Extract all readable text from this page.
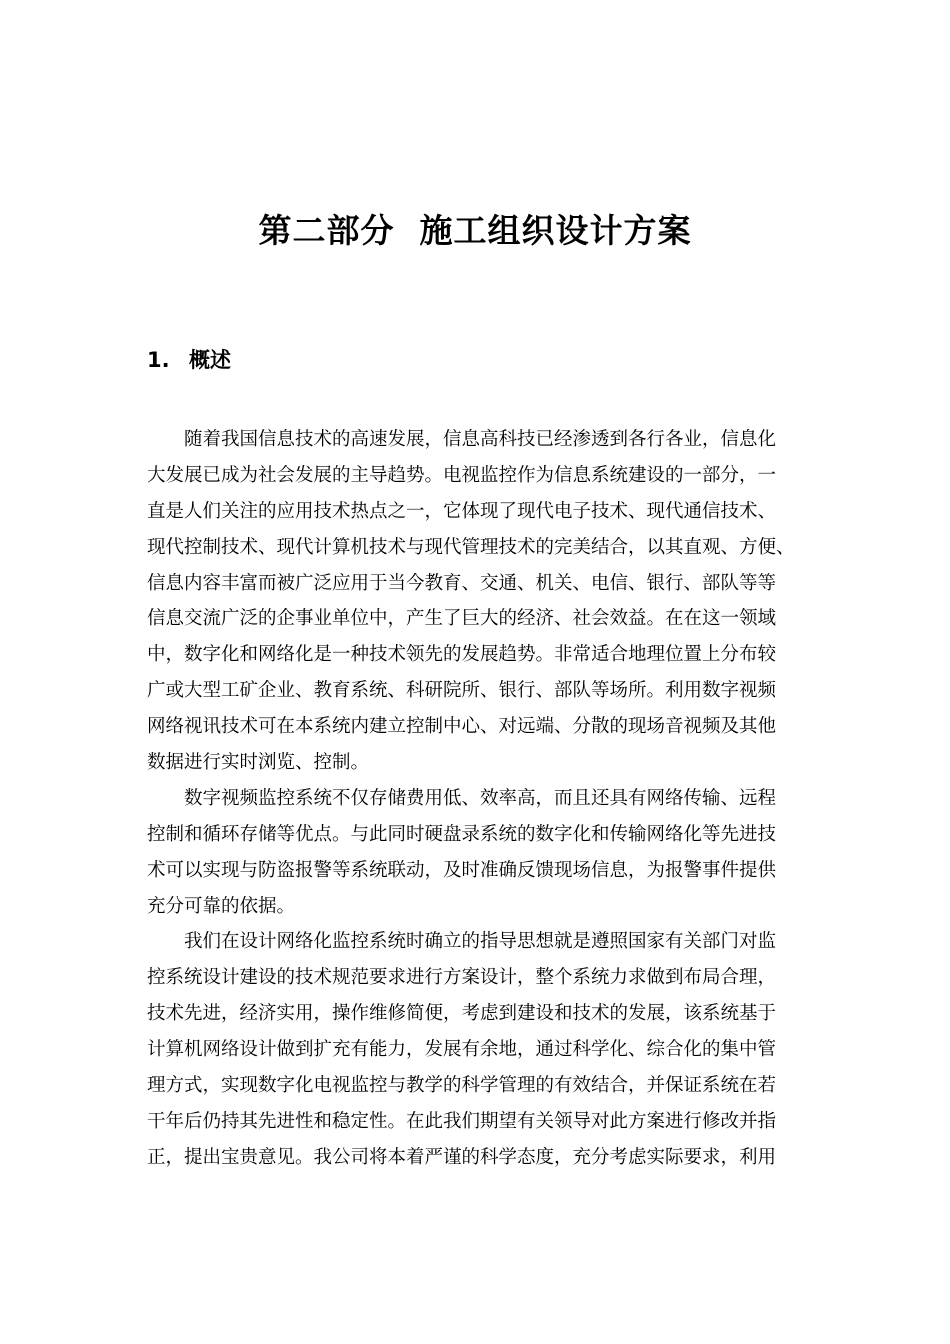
第二部分  施工组织设计方案
1. 概述
随着我国信息技术的高速发展，信息高科技已经渗透到各行各业，信息化
大发展已成为社会发展的主导趋势。电视监控作为信息系统建设的一部分，一
直是人们关注的应用技术热点之一，它体现了现代电子技术、现代通信技术、
现代控制技术、现代计算机技术与现代管理技术的完美结合，以其直观、方便、
信息内容丰富而被广泛应用于当今教育、交通、机关、电信、银行、部队等等
信息交流广泛的企事业单位中，产生了巨大的经济、社会效益。在在这一领域
中，数字化和网络化是一种技术领先的发展趋势。非常适合地理位置上分布较
广或大型工矿企业、教育系统、科研院所、银行、部队等场所。利用数字视频
网络视讯技术可在本系统内建立控制中心、对远端、分散的现场音视频及其他
数据进行实时浏览、控制。
数字视频监控系统不仅存储费用低、效率高，而且还具有网络传输、远程
控制和循环存储等优点。与此同时硬盘录系统的数字化和传输网络化等先进技
术可以实现与防盗报警等系统联动，及时准确反馈现场信息，为报警事件提供
充分可靠的依据。
我们在设计网络化监控系统时确立的指导思想就是遵照国家有关部门对监
控系统设计建设的技术规范要求进行方案设计，整个系统力求做到布局合理，
技术先进，经济实用，操作维修简便，考虑到建设和技术的发展，该系统基于
计算机网络设计做到扩充有能力，发展有余地，通过科学化、综合化的集中管
理方式，实现数字化电视监控与教学的科学管理的有效结合，并保证系统在若
干年后仍持其先进性和稳定性。在此我们期望有关领导对此方案进行修改并指
正，提出宝贵意见。我公司将本着严谨的科学态度，充分考虑实际要求，利用
